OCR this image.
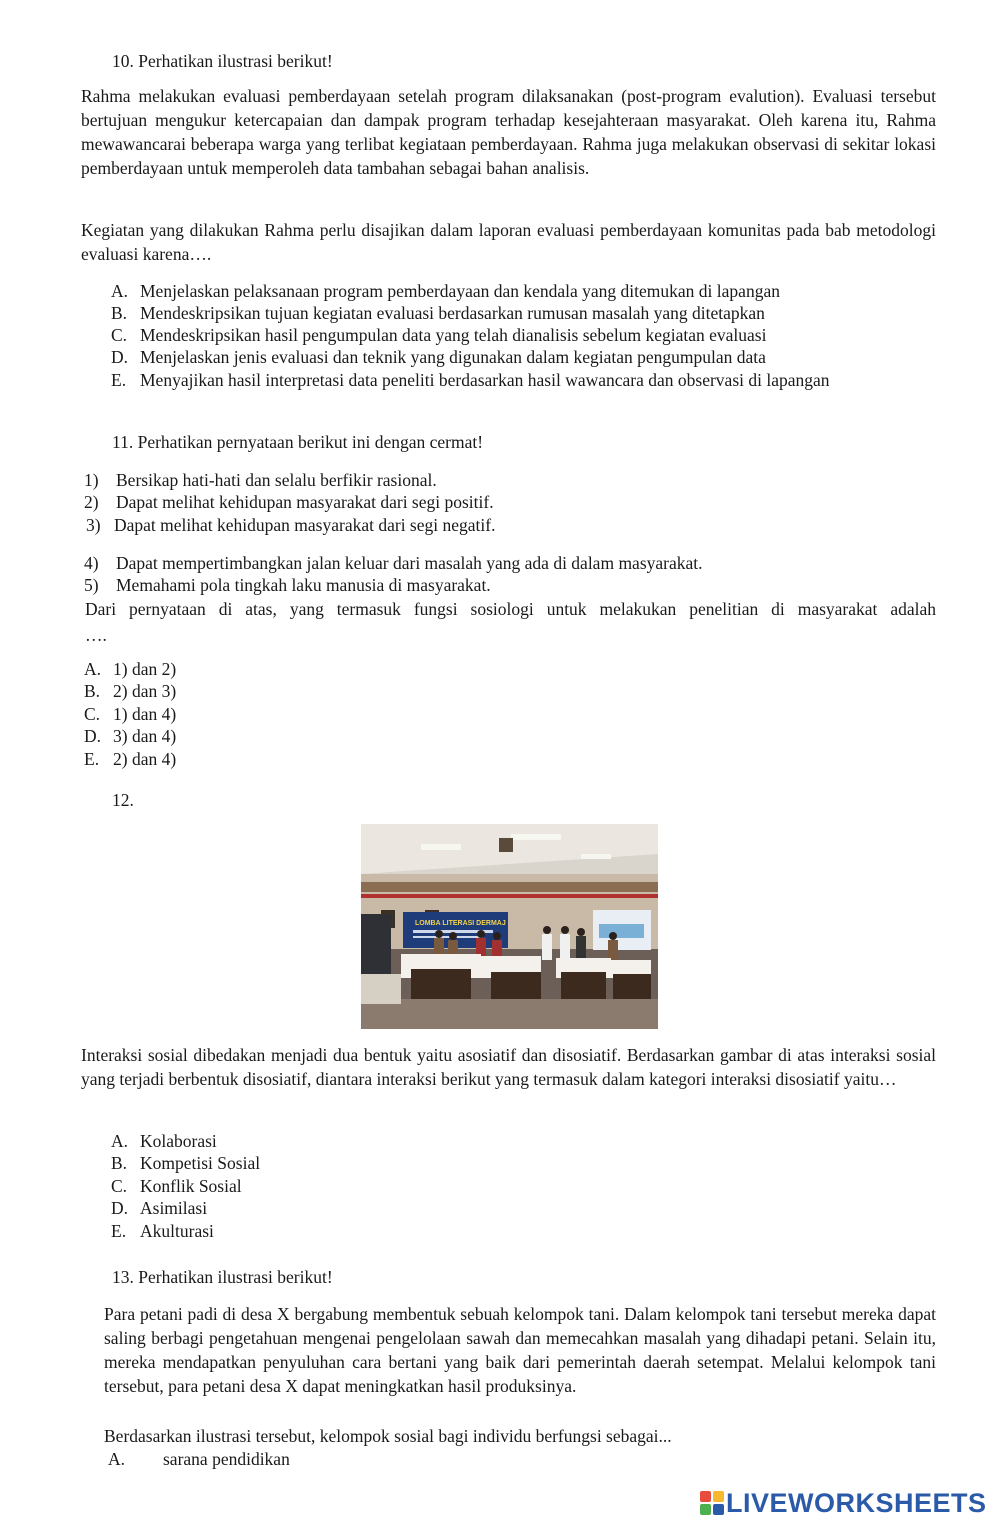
10. Perhatikan ilustrasi berikut!
Rahma melakukan evaluasi pemberdayaan setelah program dilaksanakan (post-program evalution). Evaluasi tersebut bertujuan mengukur ketercapaian dan dampak program terhadap kesejahteraan masyarakat. Oleh karena itu, Rahma mewawancarai beberapa warga yang terlibat kegiataan pemberdayaan. Rahma juga melakukan observasi di sekitar lokasi pemberdayaan untuk memperoleh data tambahan sebagai bahan analisis.
Kegiatan yang dilakukan Rahma perlu disajikan dalam laporan evaluasi pemberdayaan komunitas pada bab metodologi evaluasi karena….
A. Menjelaskan pelaksanaan program pemberdayaan dan kendala yang ditemukan di lapangan
B. Mendeskripsikan tujuan kegiatan evaluasi berdasarkan rumusan masalah yang ditetapkan
C. Mendeskripsikan hasil pengumpulan data yang telah dianalisis sebelum kegiatan evaluasi
D. Menjelaskan jenis evaluasi dan teknik yang digunakan dalam kegiatan pengumpulan data
E. Menyajikan hasil interpretasi data peneliti berdasarkan hasil wawancara dan observasi di lapangan
11. Perhatikan pernyataan berikut ini dengan cermat!
1) Bersikap hati-hati dan selalu berfikir rasional.
2) Dapat melihat kehidupan masyarakat dari segi positif.
3) Dapat melihat kehidupan masyarakat dari segi negatif.
4) Dapat mempertimbangkan jalan keluar dari masalah yang ada di dalam masyarakat.
5) Memahami pola tingkah laku manusia di masyarakat.
Dari pernyataan di atas, yang termasuk fungsi sosiologi untuk melakukan penelitian di masyarakat adalah
….
A. 1) dan 2)
B. 2) dan 3)
C. 1) dan 4)
D. 3) dan 4)
E. 2) dan 4)
12.
LOMBA LITERASI DERMAJ
Interaksi sosial dibedakan menjadi dua bentuk yaitu asosiatif dan disosiatif. Berdasarkan gambar di atas interaksi sosial yang terjadi berbentuk disosiatif, diantara interaksi berikut yang termasuk dalam kategori interaksi disosiatif yaitu…
A. Kolaborasi
B. Kompetisi Sosial
C. Konflik Sosial
D. Asimilasi
E. Akulturasi
13. Perhatikan ilustrasi berikut!
Para petani padi di desa X bergabung membentuk sebuah kelompok tani. Dalam kelompok tani tersebut mereka dapat saling berbagi pengetahuan mengenai pengelolaan sawah dan memecahkan masalah yang dihadapi petani. Selain itu, mereka mendapatkan penyuluhan cara bertani yang baik dari pemerintah daerah setempat. Melalui kelompok tani tersebut, para petani desa X dapat meningkatkan hasil produksinya.
Berdasarkan ilustrasi tersebut, kelompok sosial bagi individu berfungsi sebagai...
A. sarana pendidikan
LIVEWORKSHEETS
